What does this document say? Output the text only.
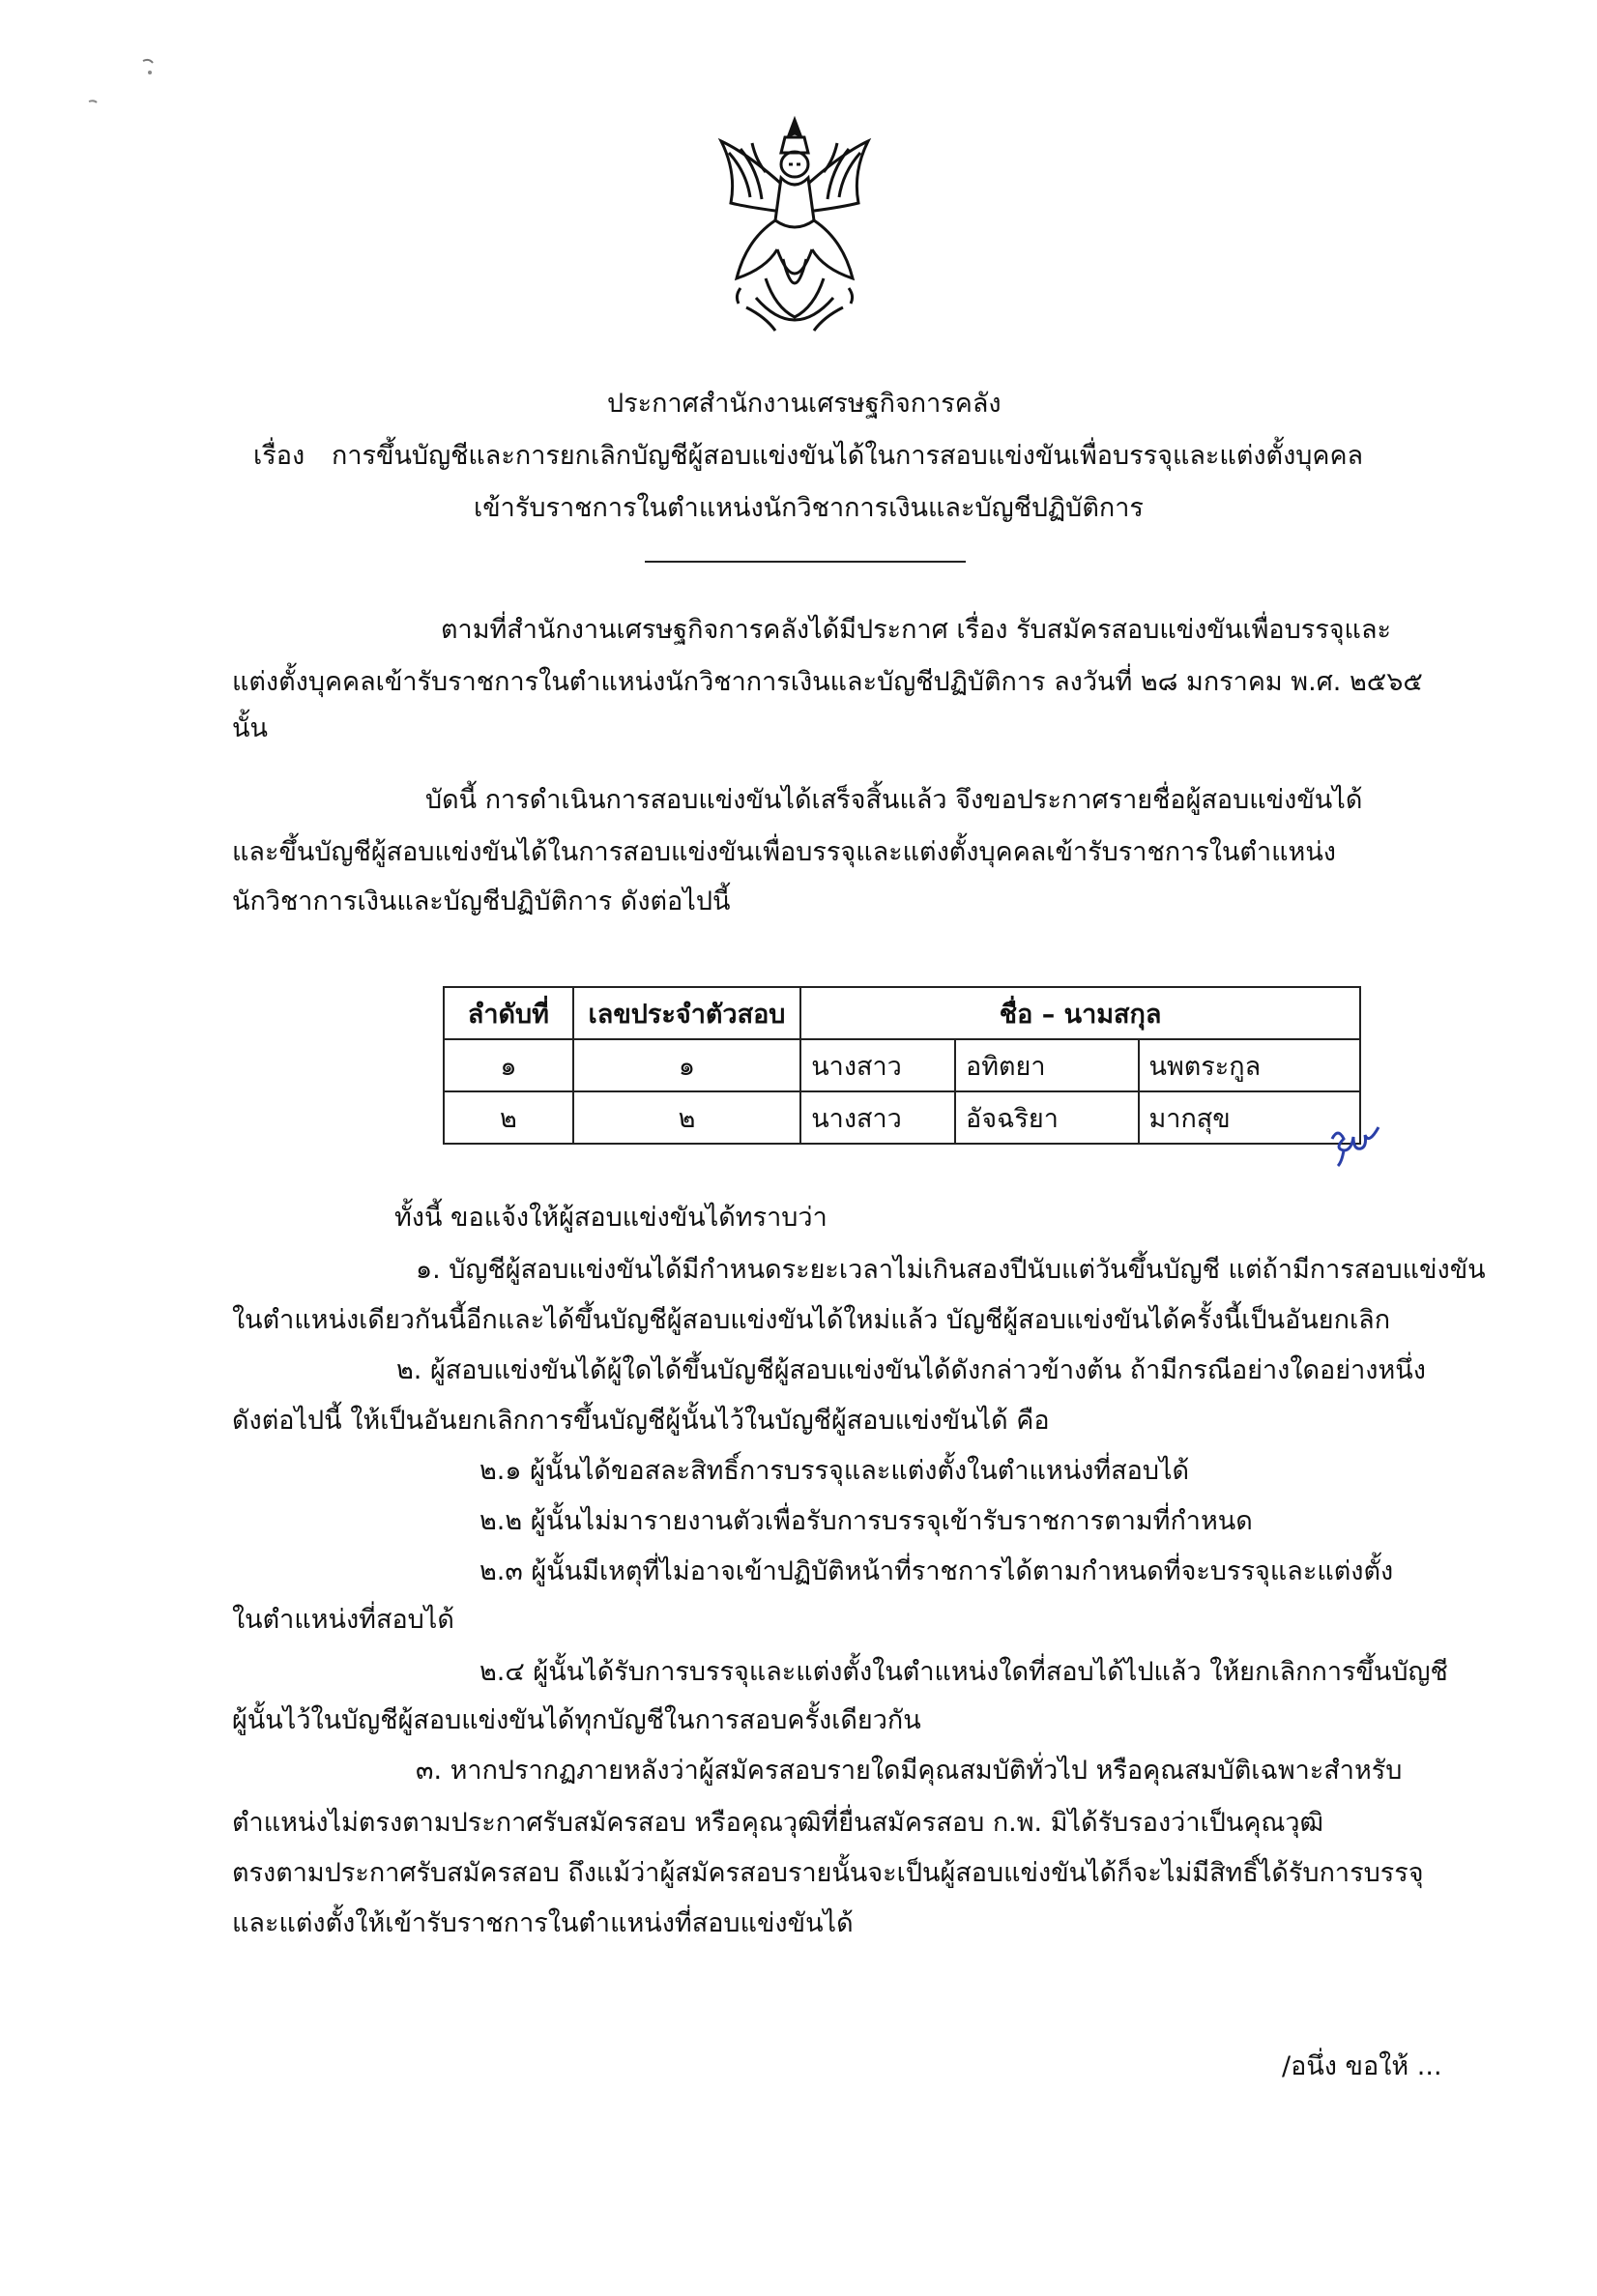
ประกาศสำนักงานเศรษฐกิจการคลัง
เรื่อง การขึ้นบัญชีและการยกเลิกบัญชีผู้สอบแข่งขันได้ในการสอบแข่งขันเพื่อบรรจุและแต่งตั้งบุคคล
เข้ารับราชการในตำแหน่งนักวิชาการเงินและบัญชีปฏิบัติการ
ตามที่สำนักงานเศรษฐกิจการคลังได้มีประกาศ เรื่อง รับสมัครสอบแข่งขันเพื่อบรรจุและ
แต่งตั้งบุคคลเข้ารับราชการในตำแหน่งนักวิชาการเงินและบัญชีปฏิบัติการ ลงวันที่ ๒๘ มกราคม พ.ศ. ๒๕๖๕
นั้น
บัดนี้ การดำเนินการสอบแข่งขันได้เสร็จสิ้นแล้ว จึงขอประกาศรายชื่อผู้สอบแข่งขันได้
และขึ้นบัญชีผู้สอบแข่งขันได้ในการสอบแข่งขันเพื่อบรรจุและแต่งตั้งบุคคลเข้ารับราชการในตำแหน่ง
นักวิชาการเงินและบัญชีปฏิบัติการ ดังต่อไปนี้
ลำดับที่	เลขประจำตัวสอบ	ชื่อ – นามสกุล		
๑	๑	นางสาว	อทิตยา	นพตระกูล
๒	๒	นางสาว	อัจฉริยา	มากสุข
ทั้งนี้ ขอแจ้งให้ผู้สอบแข่งขันได้ทราบว่า
๑. บัญชีผู้สอบแข่งขันได้มีกำหนดระยะเวลาไม่เกินสองปีนับแต่วันขึ้นบัญชี แต่ถ้ามีการสอบแข่งขัน
ในตำแหน่งเดียวกันนี้อีกและได้ขึ้นบัญชีผู้สอบแข่งขันได้ใหม่แล้ว บัญชีผู้สอบแข่งขันได้ครั้งนี้เป็นอันยกเลิก
๒. ผู้สอบแข่งขันได้ผู้ใดได้ขึ้นบัญชีผู้สอบแข่งขันได้ดังกล่าวข้างต้น ถ้ามีกรณีอย่างใดอย่างหนึ่ง
ดังต่อไปนี้ ให้เป็นอันยกเลิกการขึ้นบัญชีผู้นั้นไว้ในบัญชีผู้สอบแข่งขันได้ คือ
๒.๑ ผู้นั้นได้ขอสละสิทธิ์การบรรจุและแต่งตั้งในตำแหน่งที่สอบได้
๒.๒ ผู้นั้นไม่มารายงานตัวเพื่อรับการบรรจุเข้ารับราชการตามที่กำหนด
๒.๓ ผู้นั้นมีเหตุที่ไม่อาจเข้าปฏิบัติหน้าที่ราชการได้ตามกำหนดที่จะบรรจุและแต่งตั้ง
ในตำแหน่งที่สอบได้
๒.๔ ผู้นั้นได้รับการบรรจุและแต่งตั้งในตำแหน่งใดที่สอบได้ไปแล้ว ให้ยกเลิกการขึ้นบัญชี
ผู้นั้นไว้ในบัญชีผู้สอบแข่งขันได้ทุกบัญชีในการสอบครั้งเดียวกัน
๓. หากปรากฏภายหลังว่าผู้สมัครสอบรายใดมีคุณสมบัติทั่วไป หรือคุณสมบัติเฉพาะสำหรับ
ตำแหน่งไม่ตรงตามประกาศรับสมัครสอบ หรือคุณวุฒิที่ยื่นสมัครสอบ ก.พ. มิได้รับรองว่าเป็นคุณวุฒิ
ตรงตามประกาศรับสมัครสอบ ถึงแม้ว่าผู้สมัครสอบรายนั้นจะเป็นผู้สอบแข่งขันได้ก็จะไม่มีสิทธิ์ได้รับการบรรจุ
และแต่งตั้งให้เข้ารับราชการในตำแหน่งที่สอบแข่งขันได้
/อนึ่ง ขอให้ ...
